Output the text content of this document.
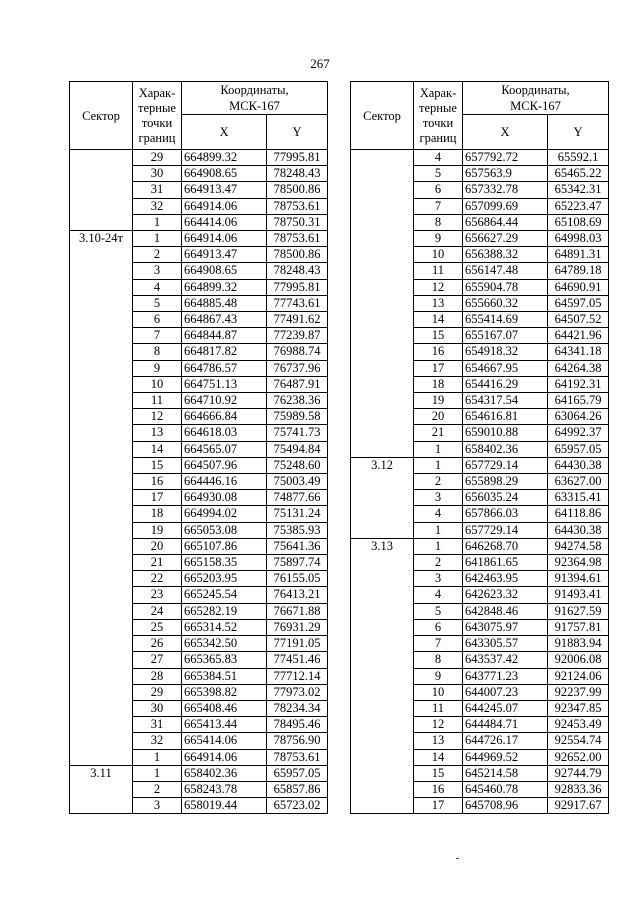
267
Сектор	Харак-
терные
точки
границ	Координаты,
МСК-167	
		X	Y
	29	664899.32	77995.81
	30	664908.65	78248.43
	31	664913.47	78500.86
	32	664914.06	78753.61
	1	664414.06	78750.31
3.10-24т	1	664914.06	78753.61
	2	664913.47	78500.86
	3	664908.65	78248.43
	4	664899.32	77995.81
	5	664885.48	77743.61
	6	664867.43	77491.62
	7	664844.87	77239.87
	8	664817.82	76988.74
	9	664786.57	76737.96
	10	664751.13	76487.91
	11	664710.92	76238.36
	12	664666.84	75989.58
	13	664618.03	75741.73
	14	664565.07	75494.84
	15	664507.96	75248.60
	16	664446.16	75003.49
	17	664930.08	74877.66
	18	664994.02	75131.24
	19	665053.08	75385.93
	20	665107.86	75641.36
	21	665158.35	75897.74
	22	665203.95	76155.05
	23	665245.54	76413.21
	24	665282.19	76671.88
	25	665314.52	76931.29
	26	665342.50	77191.05
	27	665365.83	77451.46
	28	665384.51	77712.14
	29	665398.82	77973.02
	30	665408.46	78234.34
	31	665413.44	78495.46
	32	665414.06	78756.90
	1	664914.06	78753.61
3.11	1	658402.36	65957.05
	2	658243.78	65857.86
	3	658019.44	65723.02
Сектор	Харак-
терные
точки
границ	Координаты,
МСК-167	
		X	Y
	4	657792.72	65592.1
	5	657563.9	65465.22
	6	657332.78	65342.31
	7	657099.69	65223.47
	8	656864.44	65108.69
	9	656627.29	64998.03
	10	656388.32	64891.31
	11	656147.48	64789.18
	12	655904.78	64690.91
	13	655660.32	64597.05
	14	655414.69	64507.52
	15	655167.07	64421.96
	16	654918.32	64341.18
	17	654667.95	64264.38
	18	654416.29	64192.31
	19	654317.54	64165.79
	20	654616.81	63064.26
	21	659010.88	64992.37
	1	658402.36	65957.05
3.12	1	657729.14	64430.38
	2	655898.29	63627.00
	3	656035.24	63315.41
	4	657866.03	64118.86
	1	657729.14	64430.38
3.13	1	646268.70	94274.58
	2	641861.65	92364.98
	3	642463.95	91394.61
	4	642623.32	91493.41
	5	642848.46	91627.59
	6	643075.97	91757.81
	7	643305.57	91883.94
	8	643537.42	92006.08
	9	643771.23	92124.06
	10	644007.23	92237.99
	11	644245.07	92347.85
	12	644484.71	92453.49
	13	644726.17	92554.74
	14	644969.52	92652.00
	15	645214.58	92744.79
	16	645460.78	92833.36
	17	645708.96	92917.67
